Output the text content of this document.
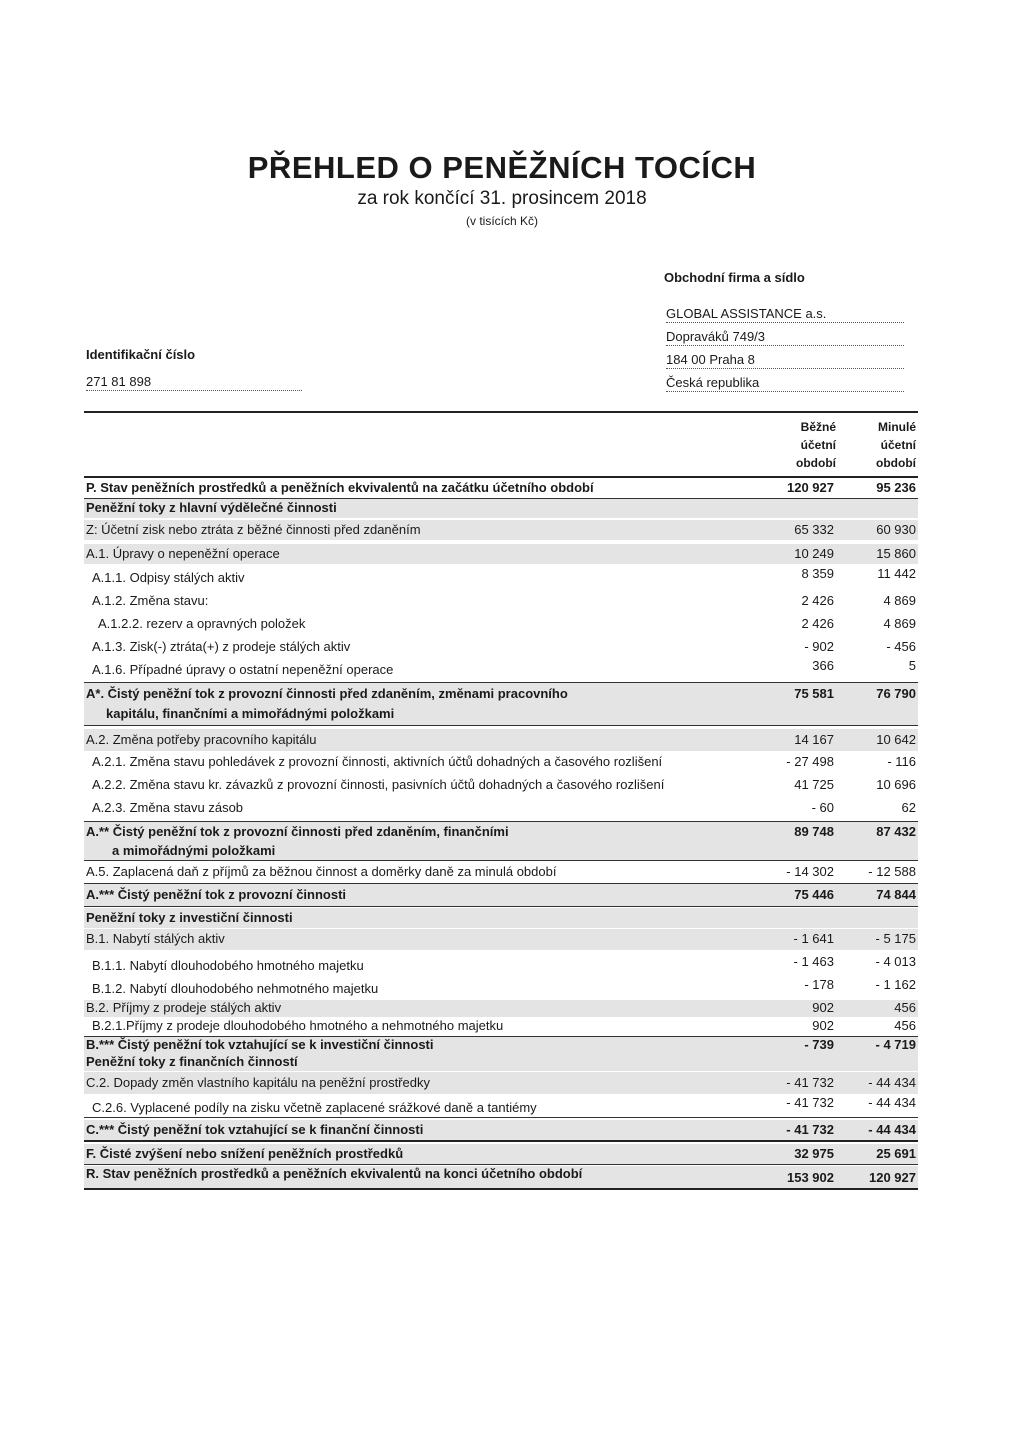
PŘEHLED O PENĚŽNÍCH TOCÍCH
za rok končící 31. prosincem 2018
(v tisících Kč)
Obchodní firma a sídlo
GLOBAL ASSISTANCE a.s.
Dopraváků 749/3
184 00 Praha 8
Česká republika
Identifikační číslo
271 81 898
Běžné
účetní
období
Minulé
účetní
období
P. Stav peněžních prostředků a peněžních ekvivalentů na začátku účetního období	120 927	95 236
Peněžní toky z hlavní výdělečné činnosti
Z: Účetní zisk nebo ztráta z běžné činnosti před zdaněním	65 332	60 930
A.1. Úpravy o nepeněžní operace	10 249	15 860
A.1.1. Odpisy stálých aktiv	8 359	11 442
A.1.2. Změna stavu:	2 426	4 869
A.1.2.2. rezerv a opravných položek	2 426	4 869
A.1.3. Zisk(-) ztráta(+) z prodeje stálých aktiv	- 902	- 456
A.1.6. Případné úpravy o ostatní nepeněžní operace	366	5
A*. Čistý peněžní tok z provozní činnosti před zdaněním, změnami pracovního
kapitálu, finančními a mimořádnými položkami
75 581	76 790
A.2. Změna potřeby pracovního kapitálu	14 167	10 642
A.2.1. Změna stavu pohledávek z provozní činnosti, aktivních účtů dohadných a časového rozlišení	- 27 498	- 116
A.2.2. Změna stavu kr. závazků z provozní činnosti, pasivních účtů dohadných a časového rozlišení	41 725	10 696
A.2.3. Změna stavu zásob	- 60	62
A.** Čistý peněžní tok z provozní činnosti před zdaněním, finančními
a mimořádnými položkami
89 748	87 432
A.5. Zaplacená daň z příjmů za běžnou činnost a doměrky daně za minulá období	- 14 302	- 12 588
A.*** Čistý peněžní tok z provozní činnosti	75 446	74 844
Peněžní toky z investiční činnosti
B.1. Nabytí stálých aktiv	- 1 641	- 5 175
B.1.1. Nabytí dlouhodobého hmotného majetku	- 1 463	- 4 013
B.1.2. Nabytí dlouhodobého nehmotného majetku	- 178	- 1 162
B.2. Příjmy z prodeje stálých aktiv	902	456
B.2.1.Příjmy z prodeje dlouhodobého hmotného a nehmotného majetku	902	456
B.*** Čistý peněžní tok vztahující se k investiční činnosti	- 739	- 4 719
Peněžní toky z finančních činností
C.2. Dopady změn vlastního kapitálu na peněžní prostředky	- 41 732	- 44 434
C.2.6. Vyplacené podíly na zisku včetně zaplacené srážkové daně a tantiémy	- 41 732	- 44 434
C.*** Čistý peněžní tok vztahující se k finanční činnosti	- 41 732	- 44 434
F. Čisté zvýšení nebo snížení peněžních prostředků	32 975	25 691
R. Stav peněžních prostředků a peněžních ekvivalentů na konci účetního období	153 902	120 927
